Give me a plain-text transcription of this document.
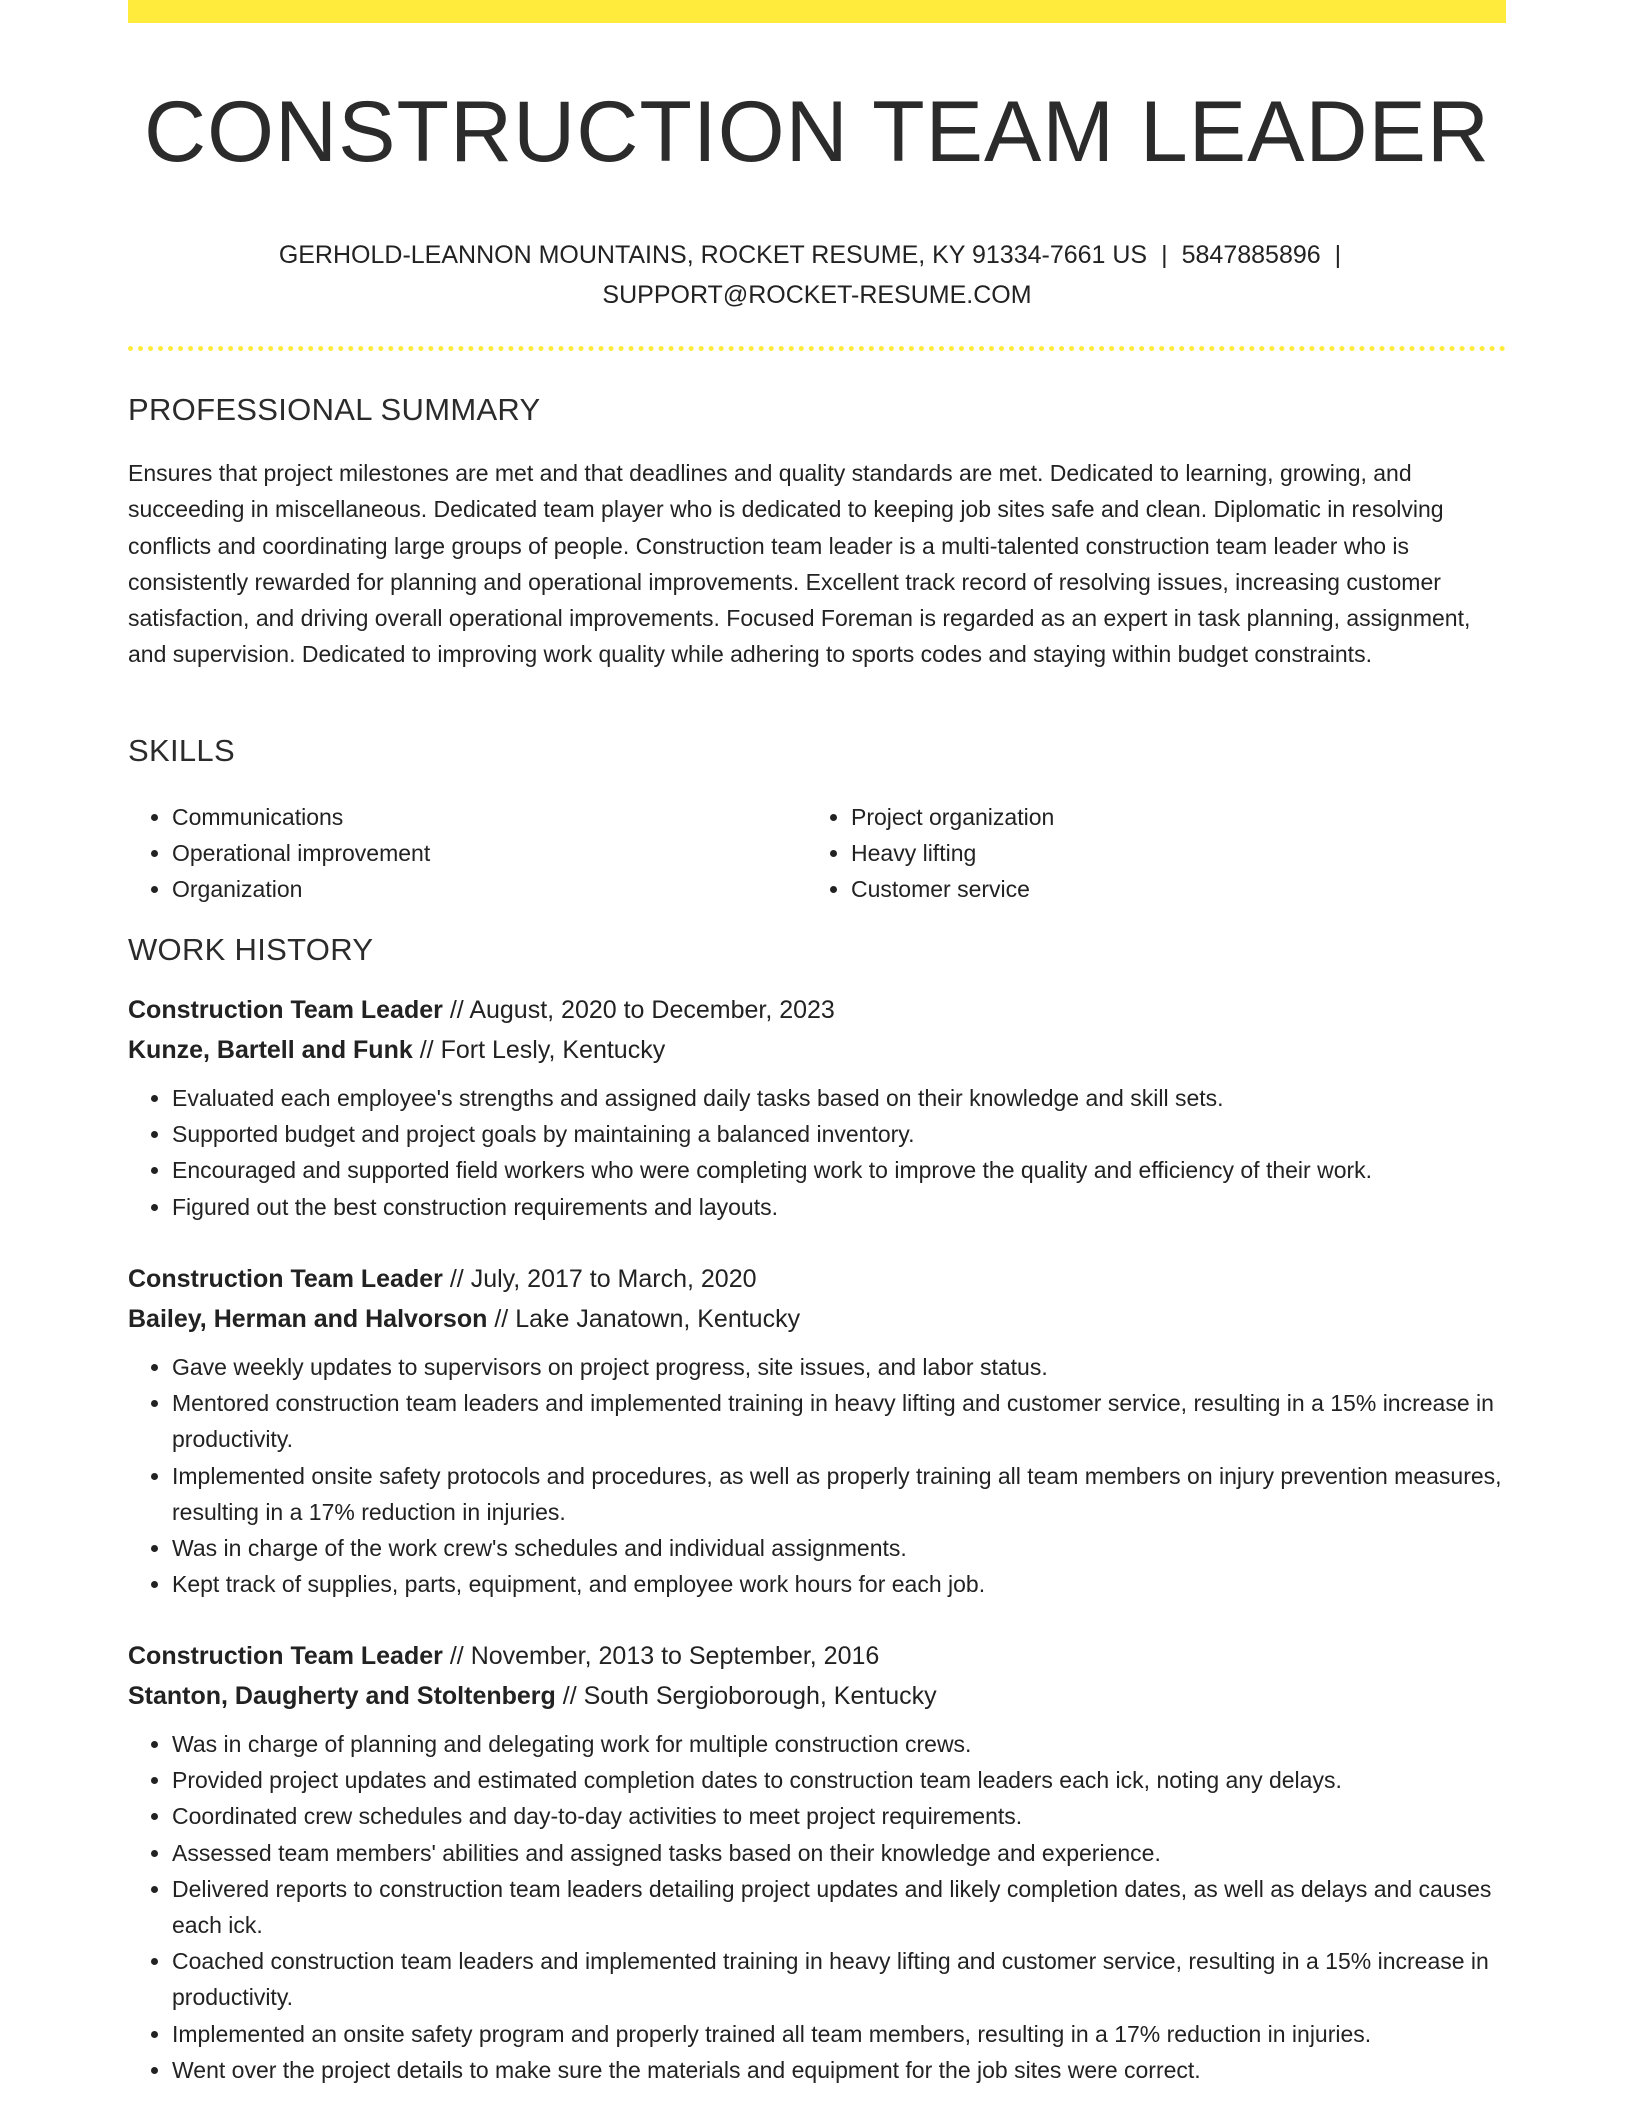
CONSTRUCTION TEAM LEADER
GERHOLD-LEANNON MOUNTAINS, ROCKET RESUME, KY 91334-7661 US | 5847885896 |
SUPPORT@ROCKET-RESUME.COM
PROFESSIONAL SUMMARY

Ensures that project milestones are met and that deadlines and quality standards are met. Dedicated to learning, growing, and succeeding in miscellaneous. Dedicated team player who is dedicated to keeping job sites safe and clean. Diplomatic in resolving conflicts and coordinating large groups of people. Construction team leader is a multi-talented construction team leader who is consistently rewarded for planning and operational improvements. Excellent track record of resolving issues, increasing customer satisfaction, and driving overall operational improvements. Focused Foreman is regarded as an expert in task planning, assignment, and supervision. Dedicated to improving work quality while adhering to sports codes and staying within budget constraints.

SKILLS
• Communications
• Operational improvement
• Organization
• Project organization
• Heavy lifting
• Customer service
WORK HISTORY
Construction Team Leader // August, 2020 to December, 2023
Kunze, Bartell and Funk // Fort Lesly, Kentucky
• Evaluated each employee's strengths and assigned daily tasks based on their knowledge and skill sets.
• Supported budget and project goals by maintaining a balanced inventory.
• Encouraged and supported field workers who were completing work to improve the quality and efficiency of their work.
• Figured out the best construction requirements and layouts.
Construction Team Leader // July, 2017 to March, 2020
Bailey, Herman and Halvorson // Lake Janatown, Kentucky
• Gave weekly updates to supervisors on project progress, site issues, and labor status.
• Mentored construction team leaders and implemented training in heavy lifting and customer service, resulting in a 15% increase in productivity.
• Implemented onsite safety protocols and procedures, as well as properly training all team members on injury prevention measures, resulting in a 17% reduction in injuries.
• Was in charge of the work crew's schedules and individual assignments.
• Kept track of supplies, parts, equipment, and employee work hours for each job.
Construction Team Leader // November, 2013 to September, 2016
Stanton, Daugherty and Stoltenberg // South Sergioborough, Kentucky
• Was in charge of planning and delegating work for multiple construction crews.
• Provided project updates and estimated completion dates to construction team leaders each ick, noting any delays.
• Coordinated crew schedules and day-to-day activities to meet project requirements.
• Assessed team members' abilities and assigned tasks based on their knowledge and experience.
• Delivered reports to construction team leaders detailing project updates and likely completion dates, as well as delays and causes each ick.
• Coached construction team leaders and implemented training in heavy lifting and customer service, resulting in a 15% increase in productivity.
• Implemented an onsite safety program and properly trained all team members, resulting in a 17% reduction in injuries.
• Went over the project details to make sure the materials and equipment for the job sites were correct.
